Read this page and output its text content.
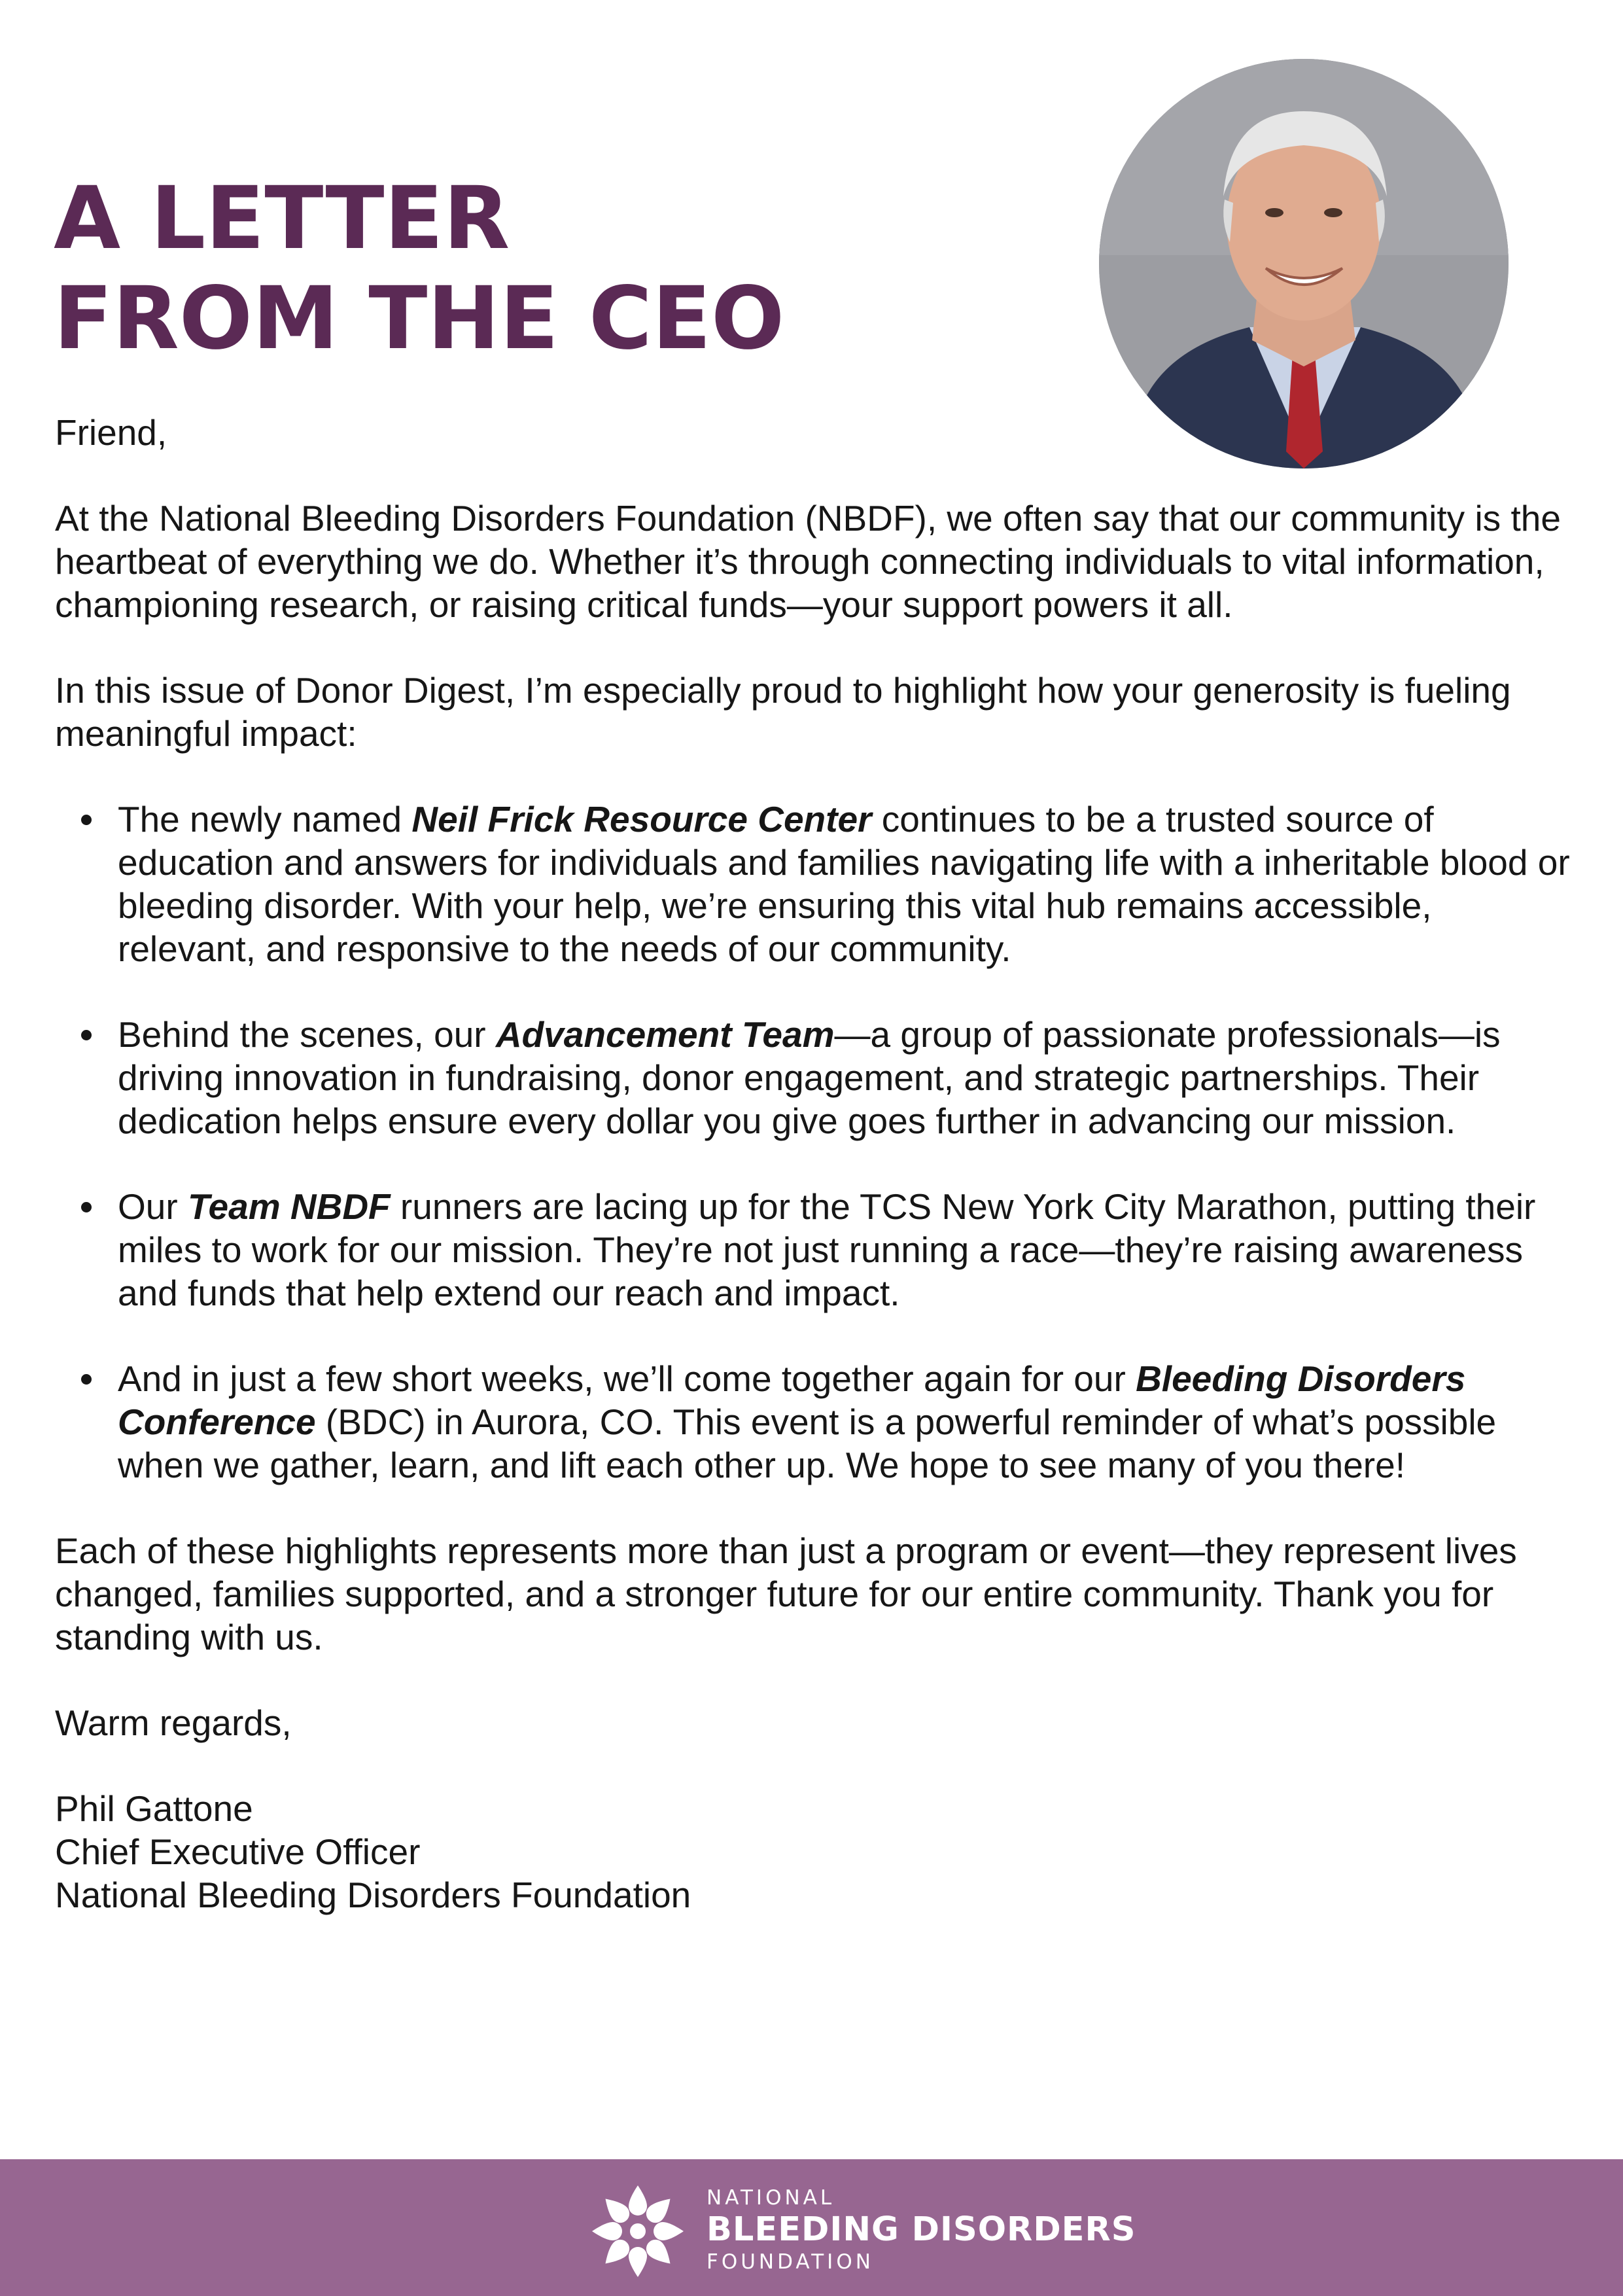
A LETTER
FROM THE CEO

Friend,

At the National Bleeding Disorders Foundation (NBDF), we often say that our community is the heartbeat of everything we do. Whether it’s through connecting individuals to vital information, championing research, or raising critical funds—your support powers it all.

In this issue of Donor Digest, I’m especially proud to highlight how your generosity is fueling meaningful impact:

The newly named Neil Frick Resource Center continues to be a trusted source of education and answers for individuals and families navigating life with a inheritable blood or bleeding disorder. With your help, we’re ensuring this vital hub remains accessible, relevant, and responsive to the needs of our community.
Behind the scenes, our Advancement Team—a group of passionate professionals—is driving innovation in fundraising, donor engagement, and strategic partnerships. Their dedication helps ensure every dollar you give goes further in advancing our mission.
Our Team NBDF runners are lacing up for the TCS New York City Marathon, putting their miles to work for our mission. They’re not just running a race—they’re raising awareness and funds that help extend our reach and impact.
And in just a few short weeks, we’ll come together again for our Bleeding Disorders Conference (BDC) in Aurora, CO. This event is a powerful reminder of what’s possible when we gather, learn, and lift each other up. We hope to see many of you there!

Each of these highlights represents more than just a program or event—they represent lives changed, families supported, and a stronger future for our entire community. Thank you for standing with us.

Warm regards,

Phil Gattone

Chief Executive Officer

National Bleeding Disorders Foundation

NATIONAL
BLEEDING DISORDERS
FOUNDATION
